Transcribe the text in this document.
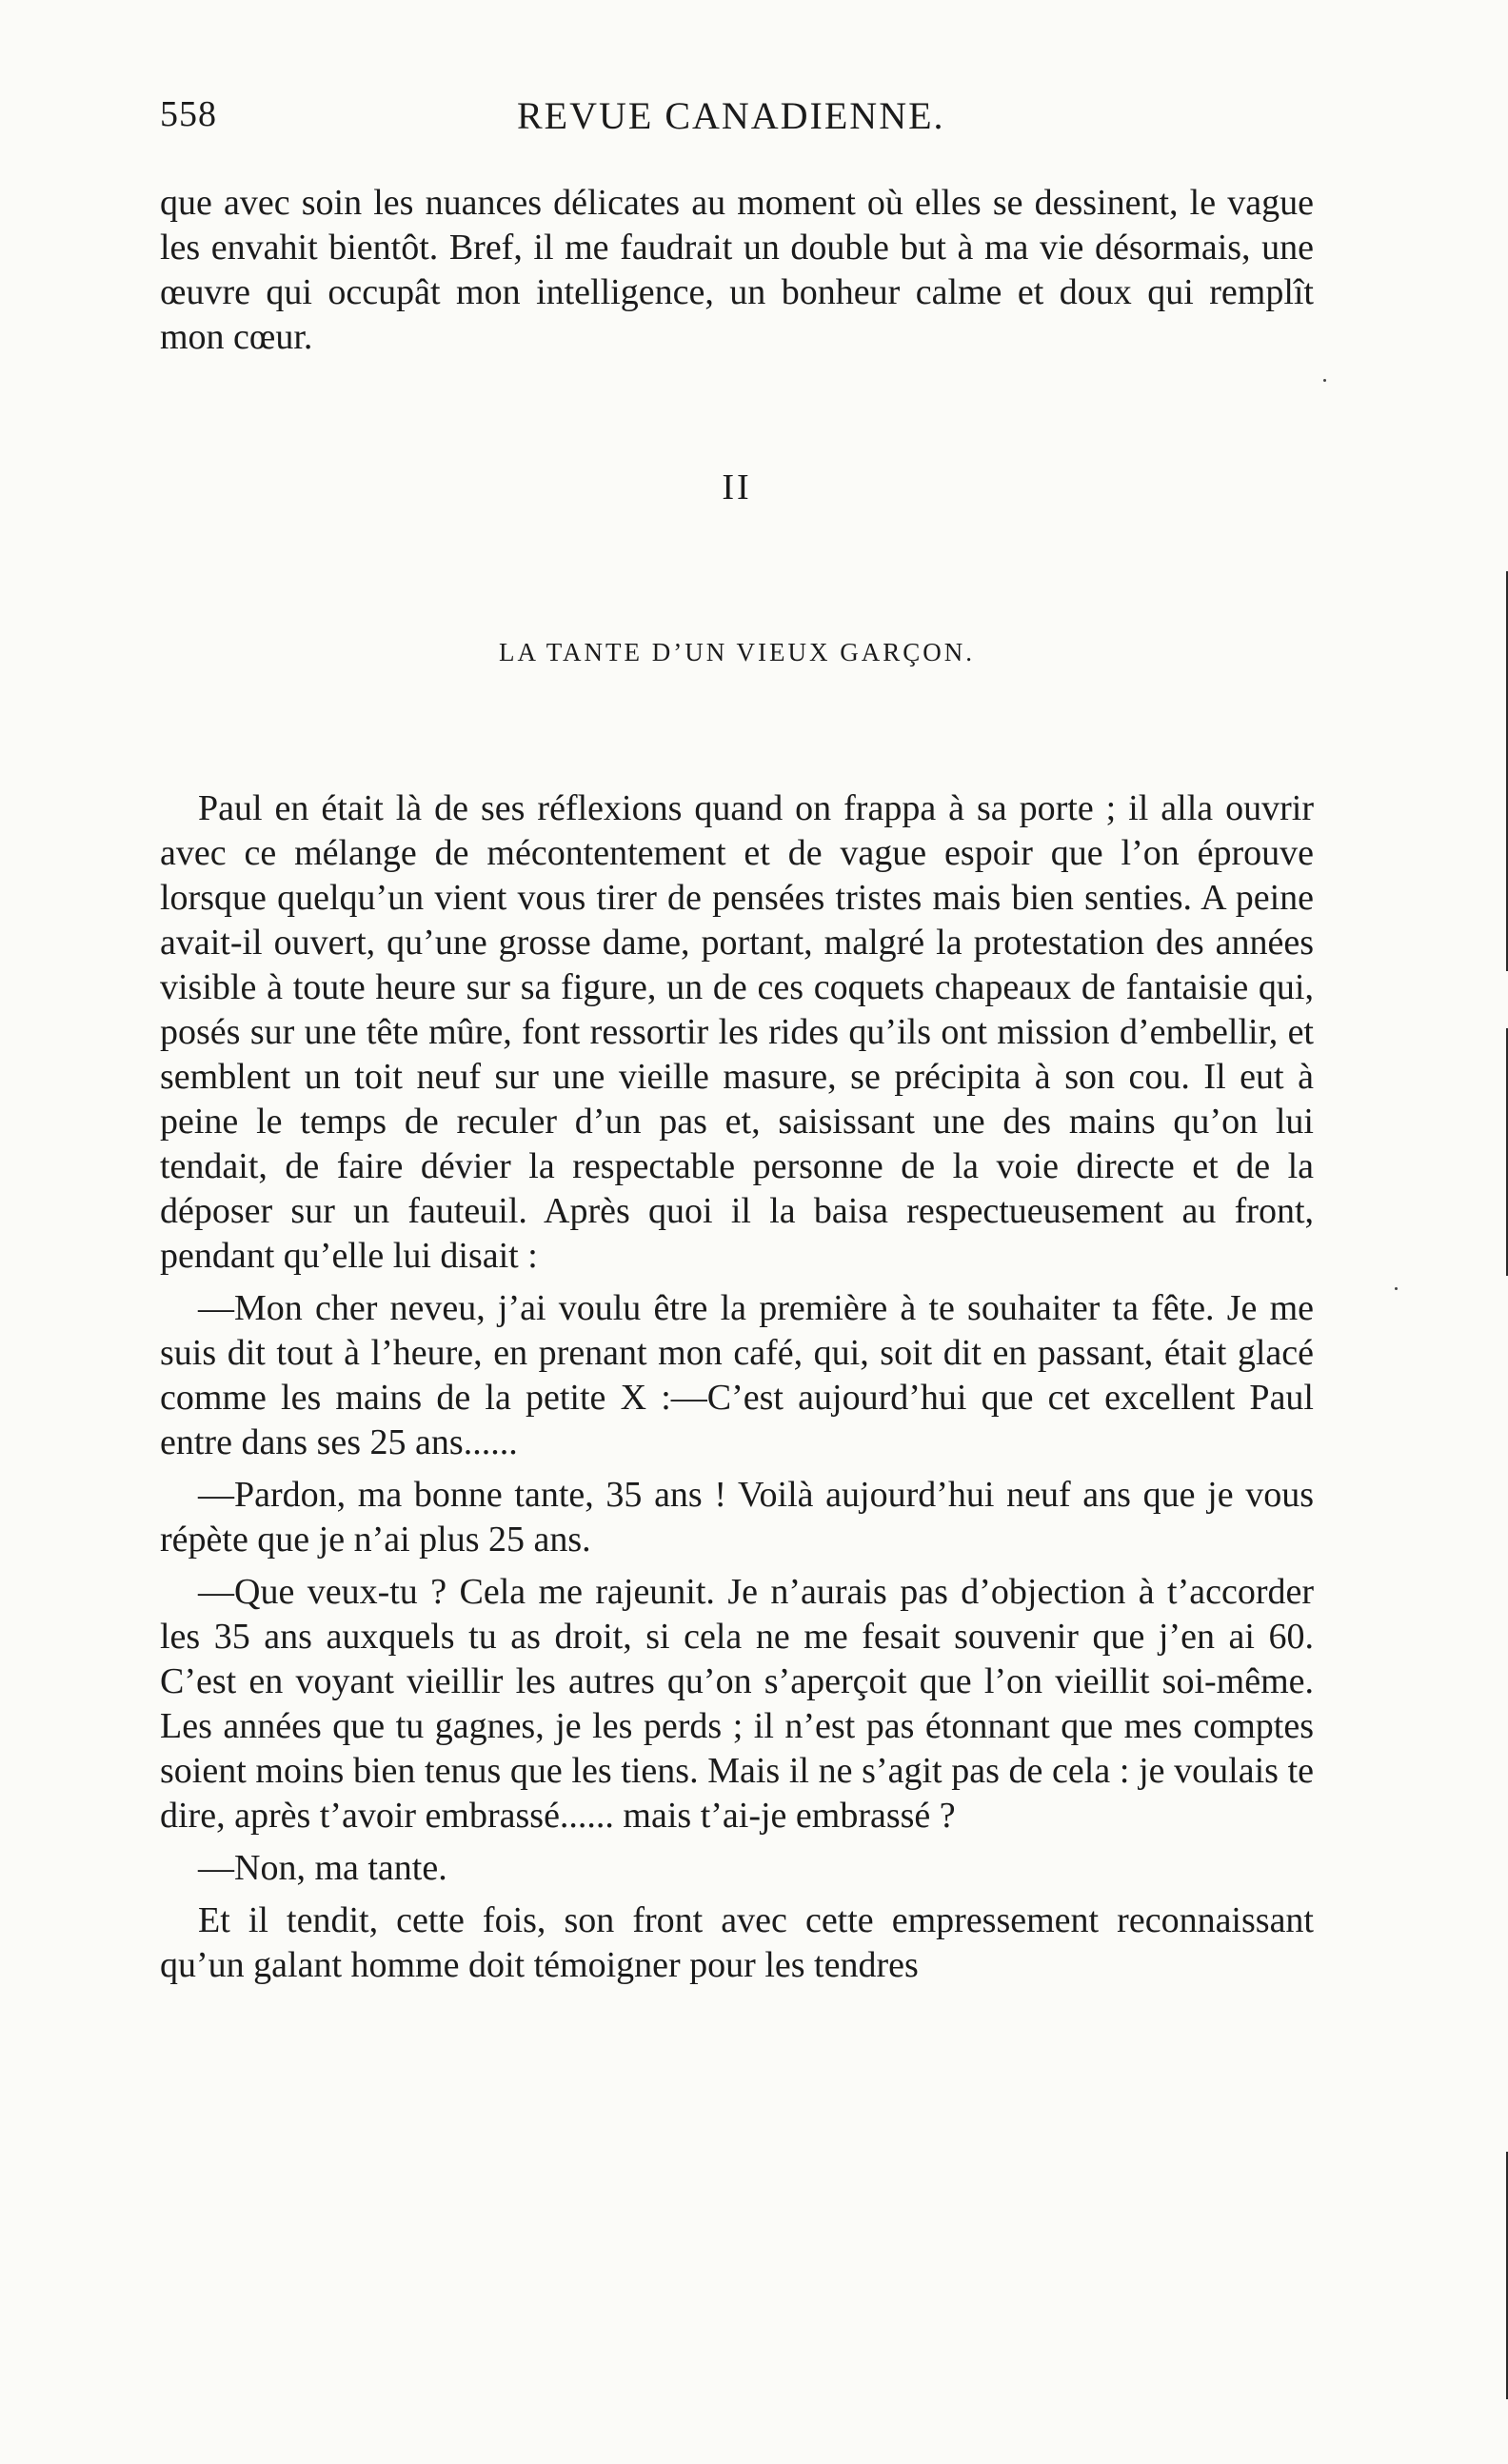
558	REVUE CANADIENNE.

que avec soin les nuances délicates au moment où elles se dessinent, le vague les envahit bientôt. Bref, il me faudrait un double but à ma vie désormais, une œuvre qui occupât mon intelligence, un bonheur calme et doux qui remplît mon cœur.

II
LA TANTE D’UN VIEUX GARÇON.

Paul en était là de ses réflexions quand on frappa à sa porte ; il alla ouvrir avec ce mélange de mécontentement et de vague espoir que l’on éprouve lorsque quelqu’un vient vous tirer de pensées tristes mais bien senties. A peine avait-il ouvert, qu’une grosse dame, portant, malgré la protestation des années visible à toute heure sur sa figure, un de ces coquets chapeaux de fantaisie qui, posés sur une tête mûre, font ressortir les rides qu’ils ont mission d’embellir, et semblent un toit neuf sur une vieille masure, se précipita à son cou. Il eut à peine le temps de reculer d’un pas et, saisissant une des mains qu’on lui tendait, de faire dévier la respectable personne de la voie directe et de la déposer sur un fauteuil. Après quoi il la baisa respectueusement au front, pendant qu’elle lui disait :

—Mon cher neveu, j’ai voulu être la première à te souhaiter ta fête. Je me suis dit tout à l’heure, en prenant mon café, qui, soit dit en passant, était glacé comme les mains de la petite X :—C’est aujourd’hui que cet excellent Paul entre dans ses 25 ans......

—Pardon, ma bonne tante, 35 ans ! Voilà aujourd’hui neuf ans que je vous répète que je n’ai plus 25 ans.

—Que veux-tu ? Cela me rajeunit. Je n’aurais pas d’objection à t’accorder les 35 ans auxquels tu as droit, si cela ne me fesait souvenir que j’en ai 60. C’est en voyant vieillir les autres qu’on s’aperçoit que l’on vieillit soi-même. Les années que tu gagnes, je les perds ; il n’est pas étonnant que mes comptes soient moins bien tenus que les tiens. Mais il ne s’agit pas de cela : je voulais te dire, après t’avoir embrassé...... mais t’ai-je embrassé ?

—Non, ma tante.

Et il tendit, cette fois, son front avec cette empressement reconnaissant qu’un galant homme doit témoigner pour les tendres
